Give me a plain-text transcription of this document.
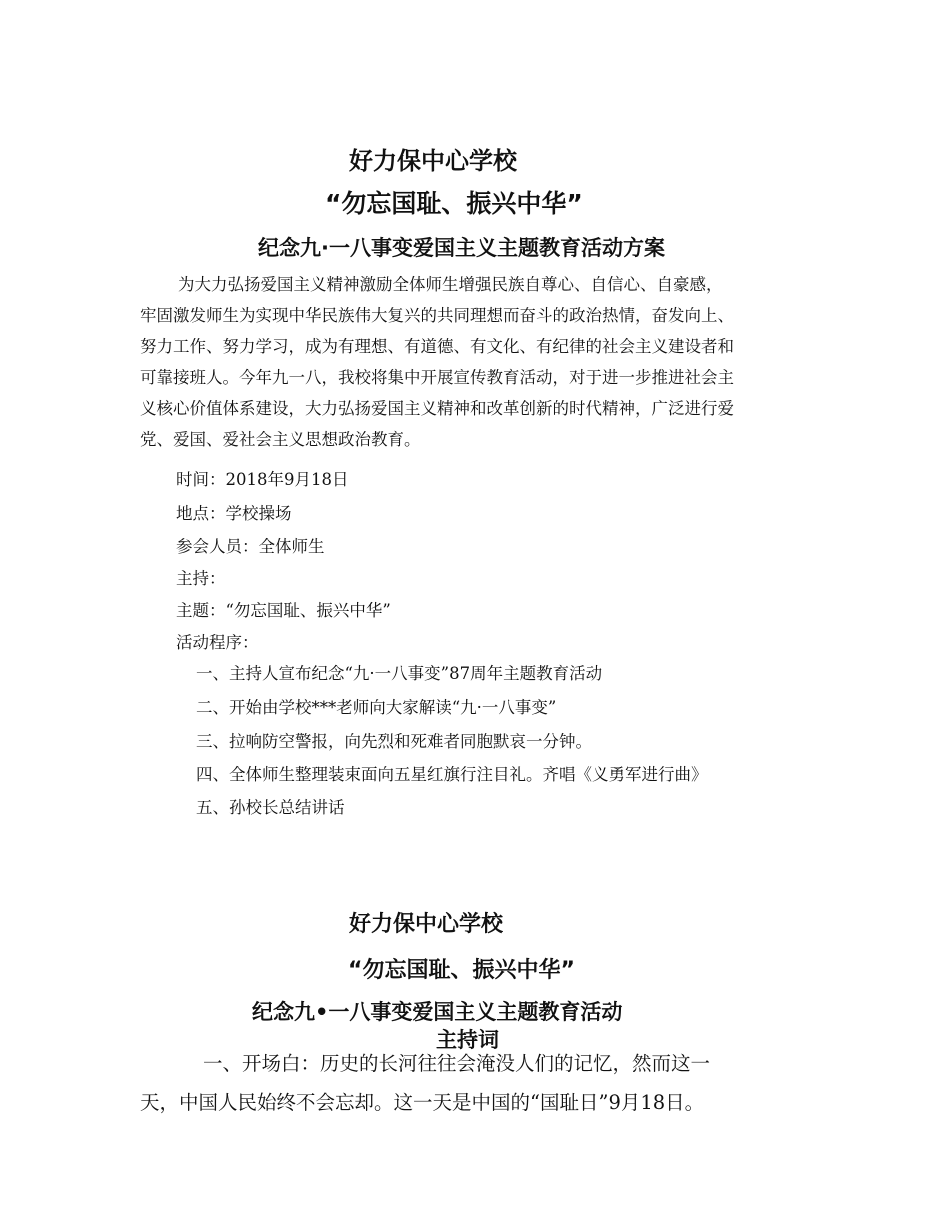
好力保中心学校
“勿忘国耻、振兴中华”
纪念九·一八事变爱国主义主题教育活动方案
为大力弘扬爱国主义精神激励全体师生增强民族自尊心、自信心、自豪感，
牢固激发师生为实现中华民族伟大复兴的共同理想而奋斗的政治热情，奋发向上、
努力工作、努力学习，成为有理想、有道德、有文化、有纪律的社会主义建设者和
可靠接班人。今年九一八，我校将集中开展宣传教育活动，对于进一步推进社会主
义核心价值体系建设，大力弘扬爱国主义精神和改革创新的时代精神，广泛进行爱
党、爱国、爱社会主义思想政治教育。
时间：2018年9月18日
地点：学校操场
参会人员：全体师生
主持：
主题：“勿忘国耻、振兴中华”
活动程序：
一、主持人宣布纪念“九·一八事变”87周年主题教育活动
二、开始由学校***老师向大家解读“九·一八事变”
三、拉响防空警报，向先烈和死难者同胞默哀一分钟。
四、全体师生整理装束面向五星红旗行注目礼。齐唱《义勇军进行曲》
五、孙校长总结讲话
好力保中心学校
“勿忘国耻、振兴中华”
纪念九•一八事变爱国主义主题教育活动
主持词
一、开场白：历史的长河往往会淹没人们的记忆，然而这一
天，中国人民始终不会忘却。这一天是中国的“国耻日”9月18日。
